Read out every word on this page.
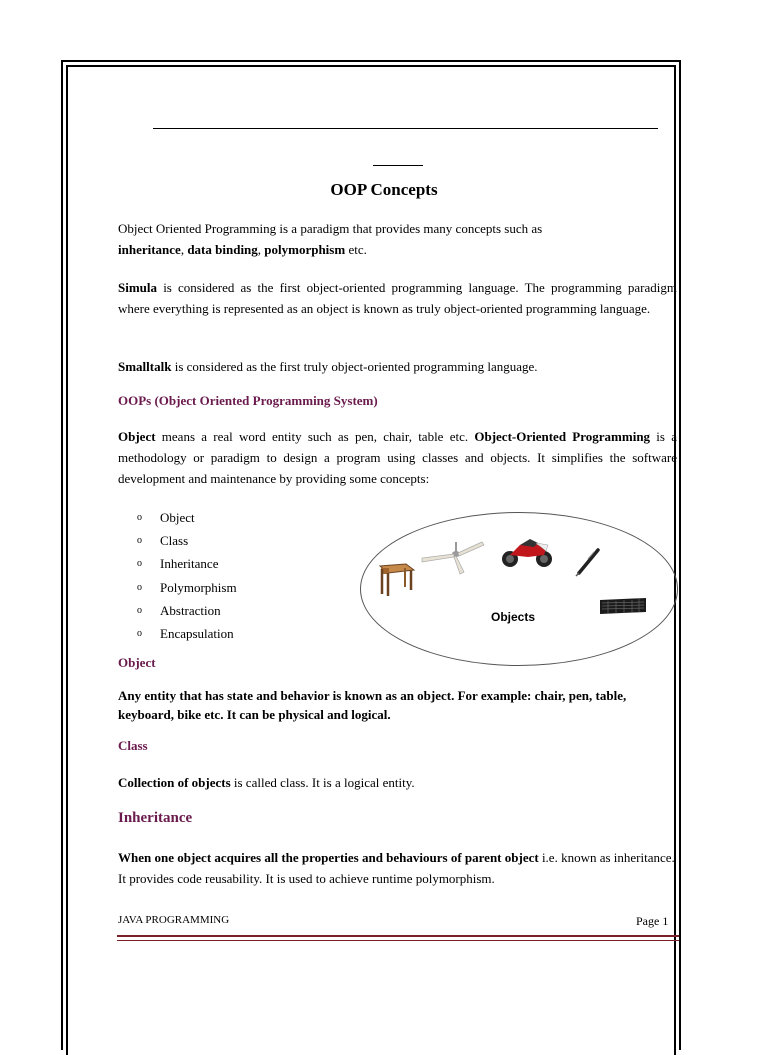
OOP Concepts
Object Oriented Programming is a paradigm that provides many concepts such as
inheritance, data binding, polymorphism etc.
Simula is considered as the first object-oriented programming language. The programming paradigm where everything is represented as an object is known as truly object-oriented programming language.
Smalltalk is considered as the first truly object-oriented programming language.
OOPs (Object Oriented Programming System)
Object means a real word entity such as pen, chair, table etc. Object-Oriented Programming is a methodology or paradigm to design a program using classes and objects. It simplifies the software development and maintenance by providing some concepts:
o	Object
o	Class
o	Inheritance
o	Polymorphism
o	Abstraction
o	Encapsulation
Objects
Object
Any entity that has state and behavior is known as an object. For example: chair, pen, table, keyboard, bike etc. It can be physical and logical.
Class
Collection of objects is called class. It is a logical entity.
Inheritance
When one object acquires all the properties and behaviours of parent object i.e. known as inheritance. It provides code reusability. It is used to achieve runtime polymorphism.
JAVA PROGRAMMING	Page 1
